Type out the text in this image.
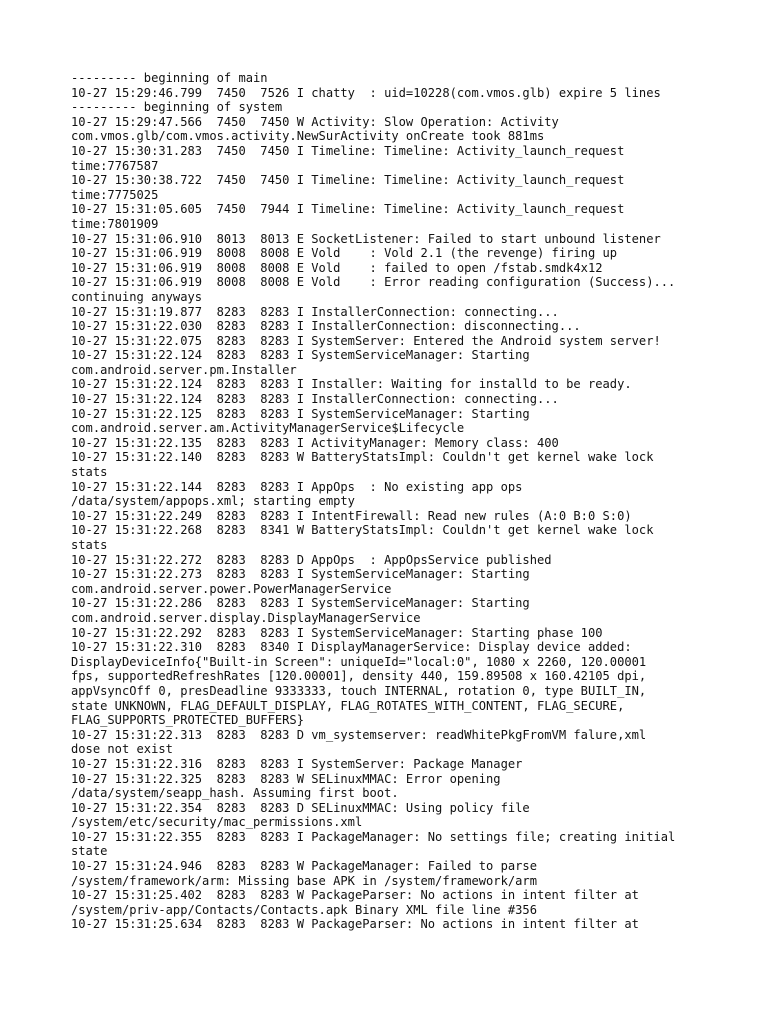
--------- beginning of main
10-27 15:29:46.799  7450  7526 I chatty  : uid=10228(com.vmos.glb) expire 5 lines
--------- beginning of system
10-27 15:29:47.566  7450  7450 W Activity: Slow Operation: Activity
com.vmos.glb/com.vmos.activity.NewSurActivity onCreate took 881ms
10-27 15:30:31.283  7450  7450 I Timeline: Timeline: Activity_launch_request
time:7767587
10-27 15:30:38.722  7450  7450 I Timeline: Timeline: Activity_launch_request
time:7775025
10-27 15:31:05.605  7450  7944 I Timeline: Timeline: Activity_launch_request
time:7801909
10-27 15:31:06.910  8013  8013 E SocketListener: Failed to start unbound listener
10-27 15:31:06.919  8008  8008 E Vold    : Vold 2.1 (the revenge) firing up
10-27 15:31:06.919  8008  8008 E Vold    : failed to open /fstab.smdk4x12
10-27 15:31:06.919  8008  8008 E Vold    : Error reading configuration (Success)...
continuing anyways
10-27 15:31:19.877  8283  8283 I InstallerConnection: connecting...
10-27 15:31:22.030  8283  8283 I InstallerConnection: disconnecting...
10-27 15:31:22.075  8283  8283 I SystemServer: Entered the Android system server!
10-27 15:31:22.124  8283  8283 I SystemServiceManager: Starting
com.android.server.pm.Installer
10-27 15:31:22.124  8283  8283 I Installer: Waiting for installd to be ready.
10-27 15:31:22.124  8283  8283 I InstallerConnection: connecting...
10-27 15:31:22.125  8283  8283 I SystemServiceManager: Starting
com.android.server.am.ActivityManagerService$Lifecycle
10-27 15:31:22.135  8283  8283 I ActivityManager: Memory class: 400
10-27 15:31:22.140  8283  8283 W BatteryStatsImpl: Couldn't get kernel wake lock
stats
10-27 15:31:22.144  8283  8283 I AppOps  : No existing app ops
/data/system/appops.xml; starting empty
10-27 15:31:22.249  8283  8283 I IntentFirewall: Read new rules (A:0 B:0 S:0)
10-27 15:31:22.268  8283  8341 W BatteryStatsImpl: Couldn't get kernel wake lock
stats
10-27 15:31:22.272  8283  8283 D AppOps  : AppOpsService published
10-27 15:31:22.273  8283  8283 I SystemServiceManager: Starting
com.android.server.power.PowerManagerService
10-27 15:31:22.286  8283  8283 I SystemServiceManager: Starting
com.android.server.display.DisplayManagerService
10-27 15:31:22.292  8283  8283 I SystemServiceManager: Starting phase 100
10-27 15:31:22.310  8283  8340 I DisplayManagerService: Display device added:
DisplayDeviceInfo{"Built-in Screen": uniqueId="local:0", 1080 x 2260, 120.00001
fps, supportedRefreshRates [120.00001], density 440, 159.89508 x 160.42105 dpi,
appVsyncOff 0, presDeadline 9333333, touch INTERNAL, rotation 0, type BUILT_IN,
state UNKNOWN, FLAG_DEFAULT_DISPLAY, FLAG_ROTATES_WITH_CONTENT, FLAG_SECURE,
FLAG_SUPPORTS_PROTECTED_BUFFERS}
10-27 15:31:22.313  8283  8283 D vm_systemserver: readWhitePkgFromVM falure,xml
dose not exist
10-27 15:31:22.316  8283  8283 I SystemServer: Package Manager
10-27 15:31:22.325  8283  8283 W SELinuxMMAC: Error opening
/data/system/seapp_hash. Assuming first boot.
10-27 15:31:22.354  8283  8283 D SELinuxMMAC: Using policy file
/system/etc/security/mac_permissions.xml
10-27 15:31:22.355  8283  8283 I PackageManager: No settings file; creating initial
state
10-27 15:31:24.946  8283  8283 W PackageManager: Failed to parse
/system/framework/arm: Missing base APK in /system/framework/arm
10-27 15:31:25.402  8283  8283 W PackageParser: No actions in intent filter at
/system/priv-app/Contacts/Contacts.apk Binary XML file line #356
10-27 15:31:25.634  8283  8283 W PackageParser: No actions in intent filter at
